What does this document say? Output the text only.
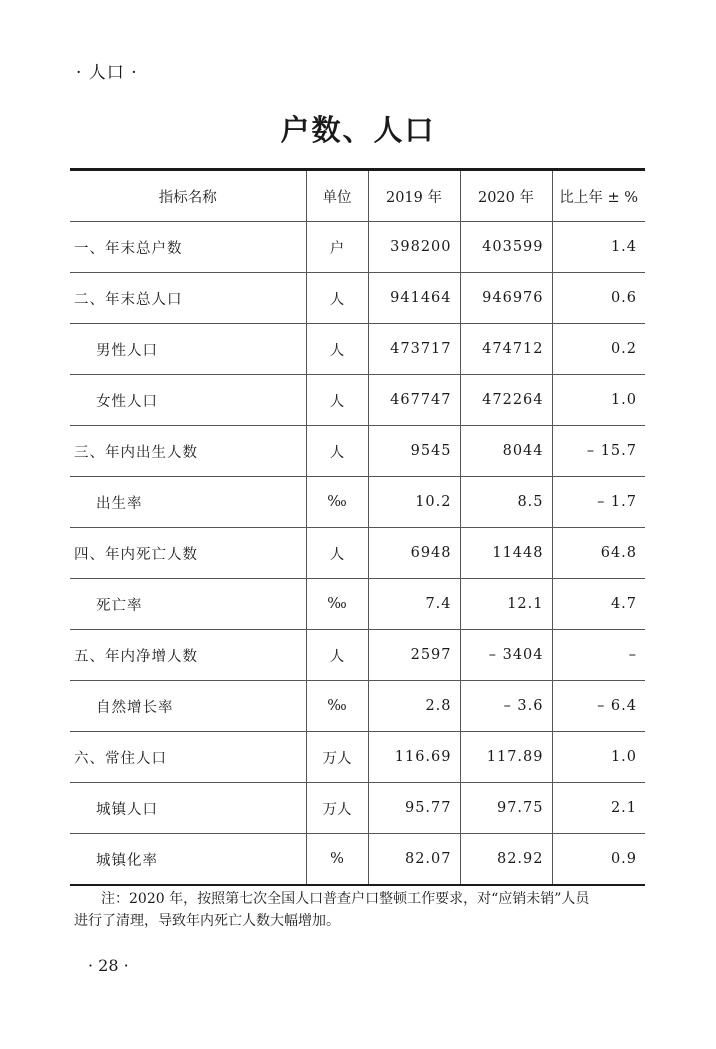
· 人口 ·
户数、人口
指标名称	单位	2019 年	2020 年	比上年 ± %
一、年末总户数	户	398200	403599	1.4
二、年末总人口	人	941464	946976	0.6
男性人口	人	473717	474712	0.2
女性人口	人	467747	472264	1.0
三、年内出生人数	人	9545	8044	– 15.7
出生率	‰	10.2	8.5	– 1.7
四、年内死亡人数	人	6948	11448	64.8
死亡率	‰	7.4	12.1	4.7
五、年内净增人数	人	2597	– 3404	–
自然增长率	‰	2.8	– 3.6	– 6.4
六、常住人口	万人	116.69	117.89	1.0
城镇人口	万人	95.77	97.75	2.1
城镇化率	%	82.07	82.92	0.9
注：2020 年，按照第七次全国人口普查户口整顿工作要求，对“应销未销”人员
进行了清理，导致年内死亡人数大幅增加。
· 28 ·
